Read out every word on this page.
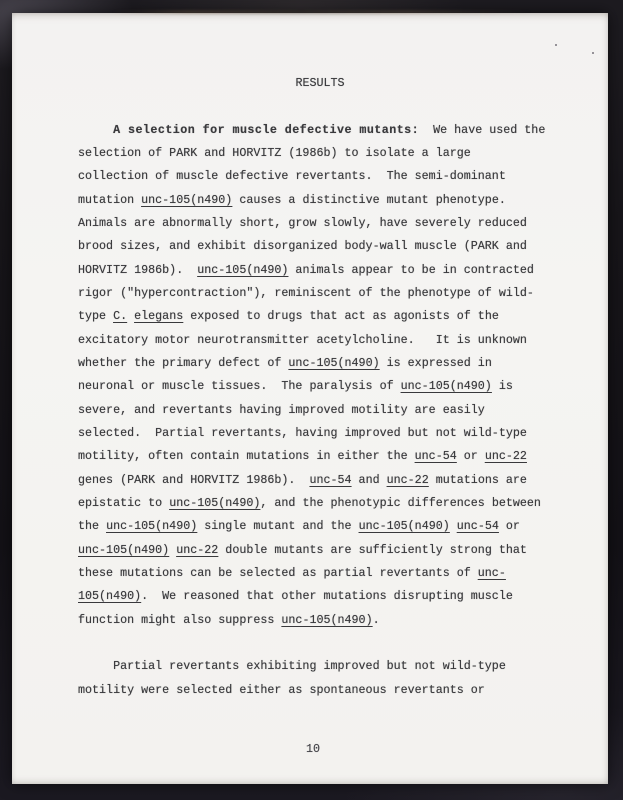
RESULTS

A selection for muscle defective mutants:  We have used the
selection of PARK and HORVITZ (1986b) to isolate a large
collection of muscle defective revertants.  The semi-dominant
mutation unc-105(n490) causes a distinctive mutant phenotype.
Animals are abnormally short, grow slowly, have severely reduced
brood sizes, and exhibit disorganized body-wall muscle (PARK and
HORVITZ 1986b).  unc-105(n490) animals appear to be in contracted
rigor ("hypercontraction"), reminiscent of the phenotype of wild-
type C. elegans exposed to drugs that act as agonists of the
excitatory motor neurotransmitter acetylcholine.   It is unknown
whether the primary defect of unc-105(n490) is expressed in
neuronal or muscle tissues.  The paralysis of unc-105(n490) is
severe, and revertants having improved motility are easily
selected.  Partial revertants, having improved but not wild-type
motility, often contain mutations in either the unc-54 or unc-22
genes (PARK and HORVITZ 1986b).  unc-54 and unc-22 mutations are
epistatic to unc-105(n490), and the phenotypic differences between
the unc-105(n490) single mutant and the unc-105(n490) unc-54 or
unc-105(n490) unc-22 double mutants are sufficiently strong that
these mutations can be selected as partial revertants of unc-
105(n490).  We reasoned that other mutations disrupting muscle
function might also suppress unc-105(n490).

Partial revertants exhibiting improved but not wild-type
motility were selected either as spontaneous revertants or
10
